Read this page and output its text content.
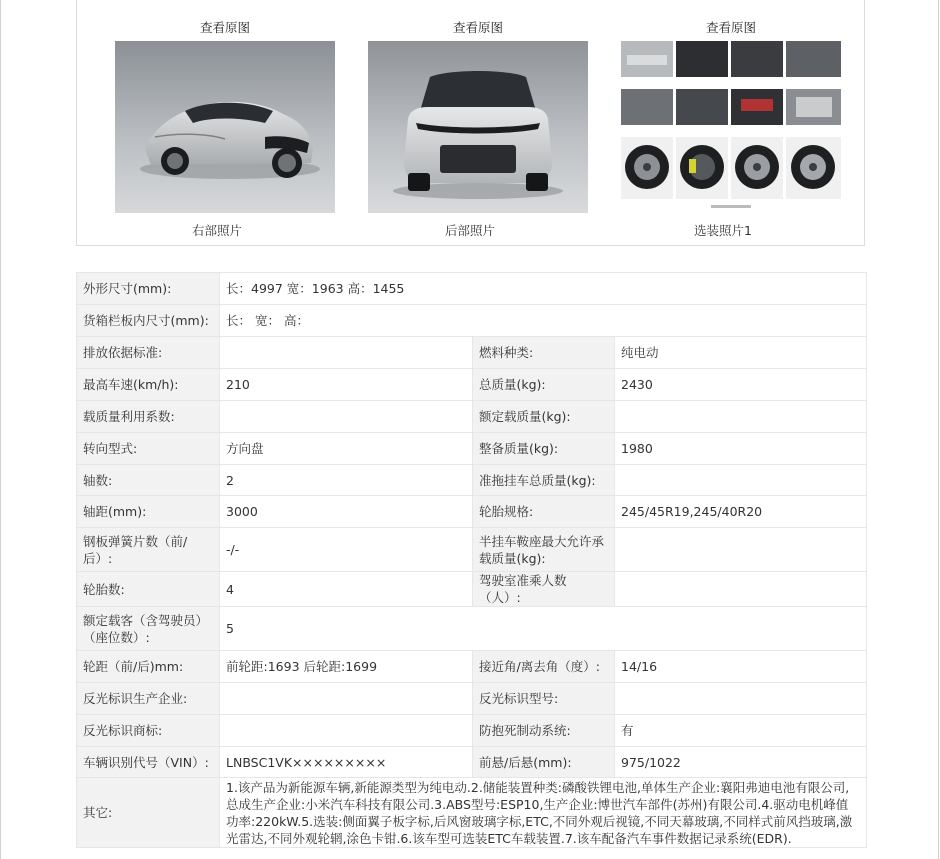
查看原图
右部照片
查看原图
后部照片
查看原图
选装照片1
外形尺寸(mm):	长：4997 宽：1963 高：1455		
货箱栏板内尺寸(mm):	长： 宽： 高：		
排放依据标准:		燃料种类:	纯电动
最高车速(km/h):	210	总质量(kg):	2430
载质量利用系数:		额定载质量(kg):	
转向型式:	方向盘	整备质量(kg):	1980
轴数:	2	准拖挂车总质量(kg):	
轴距(mm):	3000	轮胎规格:	245/45R19,245/40R20
钢板弹簧片数（前/后）:	-/-	半挂车鞍座最大允许承载质量(kg):	
轮胎数:	4	驾驶室准乘人数（人）:	
额定载客（含驾驶员）（座位数）:	5		
轮距（前/后)mm:	前轮距:1693 后轮距:1699	接近角/离去角（度）:	14/16
反光标识生产企业:		反光标识型号:	
反光标识商标:		防抱死制动系统:	有
车辆识别代号（VIN）:	LNBSC1VK×××××××××	前悬/后悬(mm):	975/1022
其它:	1.该产品为新能源车辆,新能源类型为纯电动.2.储能装置种类:磷酸铁锂电池,单体生产企业:襄阳弗迪电池有限公司,总成生产企业:小米汽车科技有限公司.3.ABS型号:ESP10,生产企业:博世汽车部件(苏州)有限公司.4.驱动电机峰值功率:220kW.5.选装:侧面翼子板字标,后风窗玻璃字标,ETC,不同外观后视镜,不同天幕玻璃,不同样式前风挡玻璃,激光雷达,不同外观轮辋,涂色卡钳.6.该车型可选装ETC车载装置.7.该车配备汽车事件数据记录系统(EDR).		
